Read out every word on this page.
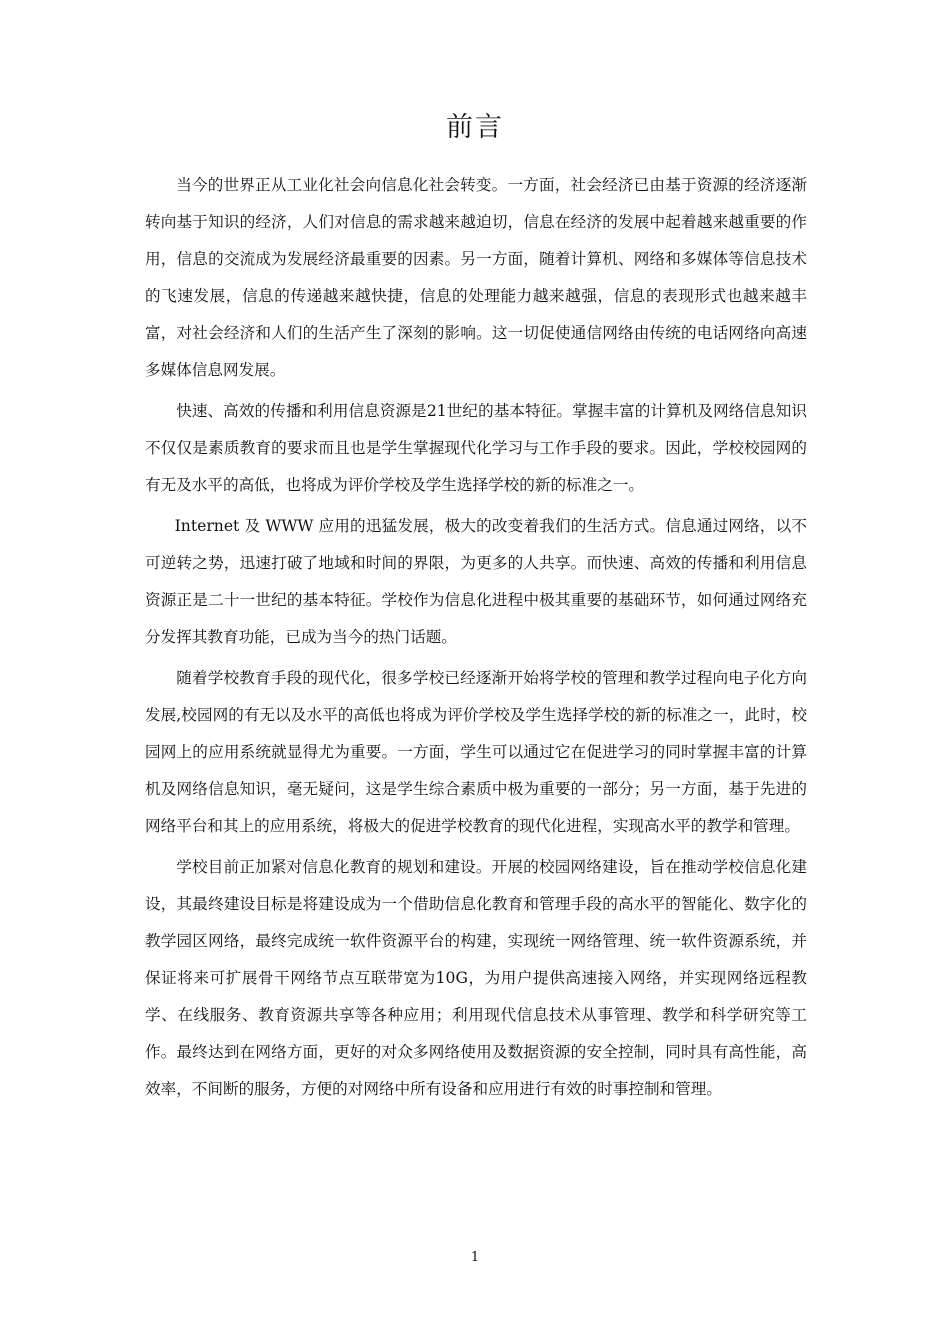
前言

当今的世界正从工业化社会向信息化社会转变。一方面，社会经济已由基于资源的经济逐渐转向基于知识的经济，人们对信息的需求越来越迫切，信息在经济的发展中起着越来越重要的作用，信息的交流成为发展经济最重要的因素。另一方面，随着计算机、网络和多媒体等信息技术的飞速发展，信息的传递越来越快捷，信息的处理能力越来越强，信息的表现形式也越来越丰富，对社会经济和人们的生活产生了深刻的影响。这一切促使通信网络由传统的电话网络向高速多媒体信息网发展。

快速、高效的传播和利用信息资源是21世纪的基本特征。掌握丰富的计算机及网络信息知识不仅仅是素质教育的要求而且也是学生掌握现代化学习与工作手段的要求。因此，学校校园网的有无及水平的高低，也将成为评价学校及学生选择学校的新的标准之一。

Internet 及 WWW 应用的迅猛发展，极大的改变着我们的生活方式。信息通过网络，以不可逆转之势，迅速打破了地域和时间的界限，为更多的人共享。而快速、高效的传播和利用信息资源正是二十一世纪的基本特征。学校作为信息化进程中极其重要的基础环节，如何通过网络充分发挥其教育功能，已成为当今的热门话题。

随着学校教育手段的现代化，很多学校已经逐渐开始将学校的管理和教学过程向电子化方向发展,校园网的有无以及水平的高低也将成为评价学校及学生选择学校的新的标准之一，此时，校园网上的应用系统就显得尤为重要。一方面，学生可以通过它在促进学习的同时掌握丰富的计算机及网络信息知识，毫无疑问，这是学生综合素质中极为重要的一部分；另一方面，基于先进的网络平台和其上的应用系统，将极大的促进学校教育的现代化进程，实现高水平的教学和管理。

学校目前正加紧对信息化教育的规划和建设。开展的校园网络建设，旨在推动学校信息化建设，其最终建设目标是将建设成为一个借助信息化教育和管理手段的高水平的智能化、数字化的教学园区网络，最终完成统一软件资源平台的构建，实现统一网络管理、统一软件资源系统，并保证将来可扩展骨干网络节点互联带宽为10G，为用户提供高速接入网络，并实现网络远程教学、在线服务、教育资源共享等各种应用；利用现代信息技术从事管理、教学和科学研究等工作。最终达到在网络方面，更好的对众多网络使用及数据资源的安全控制，同时具有高性能，高效率，不间断的服务，方便的对网络中所有设备和应用进行有效的时事控制和管理。

1
